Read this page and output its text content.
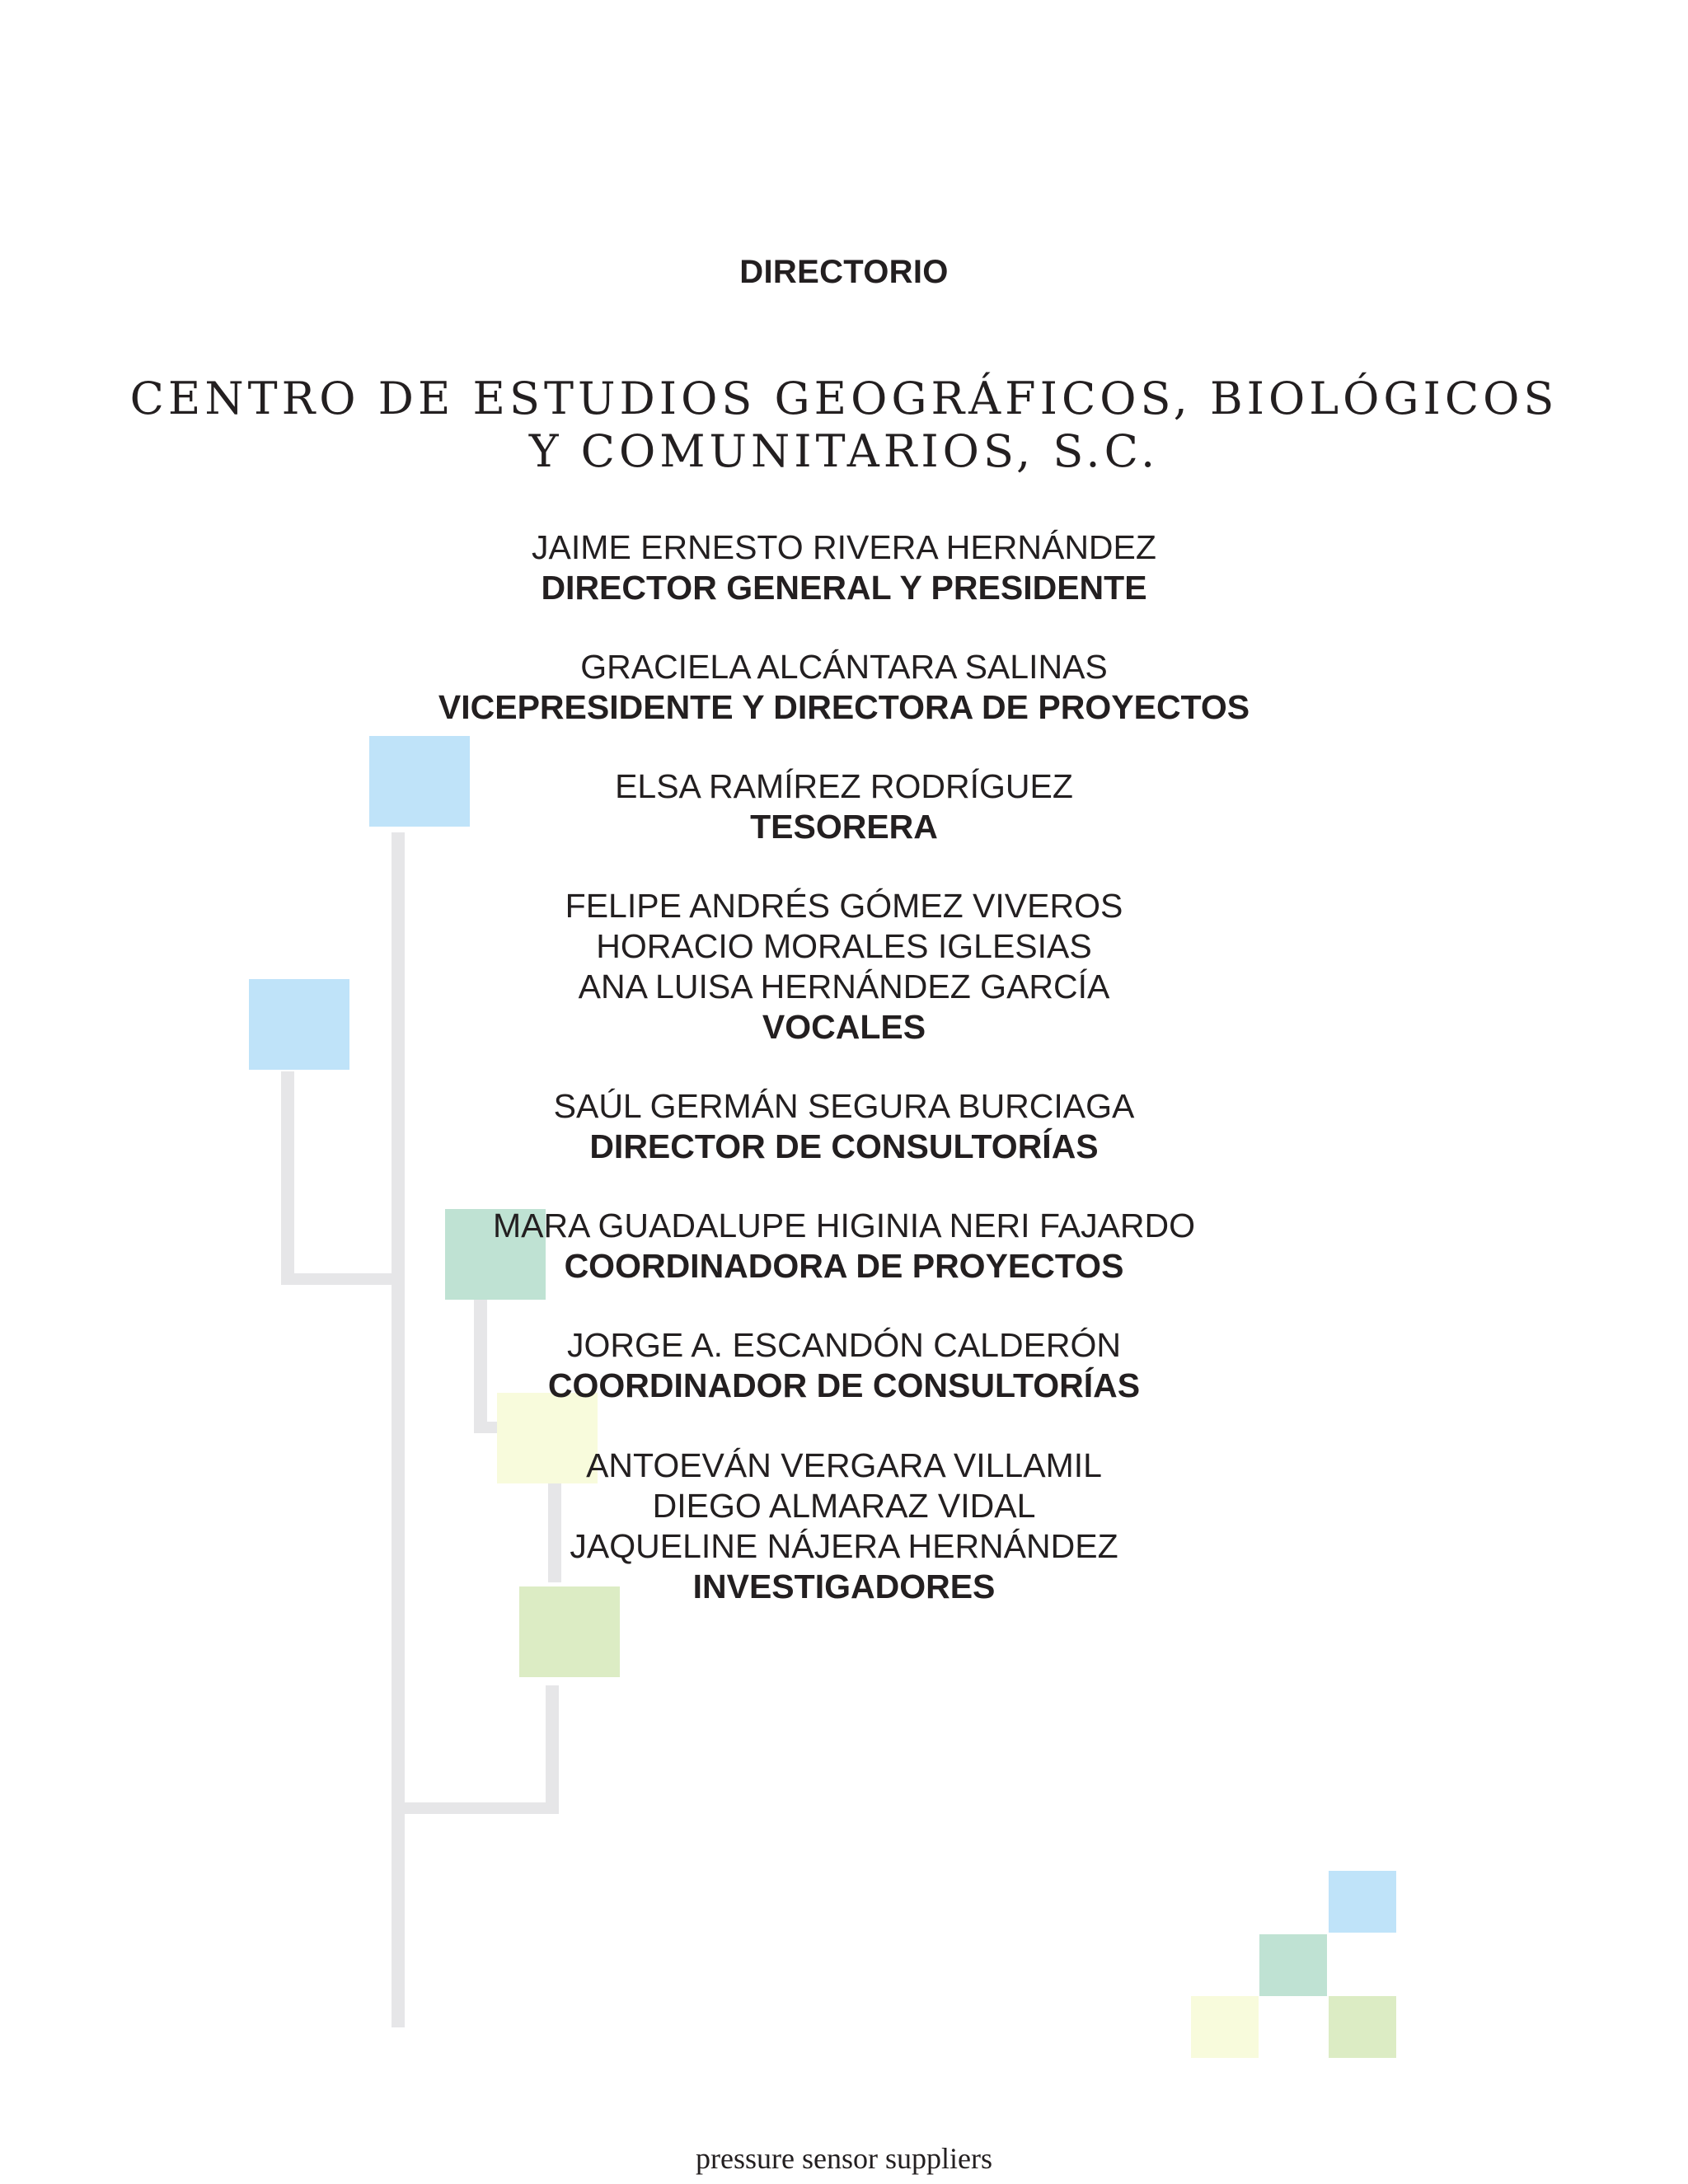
DIRECTORIO
CENTRO DE ESTUDIOS GEOGRÁFICOS, BIOLÓGICOS
Y COMUNITARIOS, S.C.
JAIME ERNESTO RIVERA HERNÁNDEZ
DIRECTOR GENERAL Y PRESIDENTE
GRACIELA ALCÁNTARA SALINAS
VICEPRESIDENTE Y DIRECTORA DE PROYECTOS
ELSA RAMÍREZ RODRÍGUEZ
TESORERA
FELIPE ANDRÉS GÓMEZ VIVEROS
HORACIO MORALES IGLESIAS
ANA LUISA HERNÁNDEZ GARCÍA
VOCALES
SAÚL GERMÁN SEGURA BURCIAGA
DIRECTOR DE CONSULTORÍAS
MARA GUADALUPE HIGINIA NERI FAJARDO
COORDINADORA DE PROYECTOS
JORGE A. ESCANDÓN CALDERÓN
COORDINADOR DE CONSULTORÍAS
ANTOEVÁN VERGARA VILLAMIL
DIEGO ALMARAZ VIDAL
JAQUELINE NÁJERA HERNÁNDEZ
INVESTIGADORES
pressure sensor suppliers
